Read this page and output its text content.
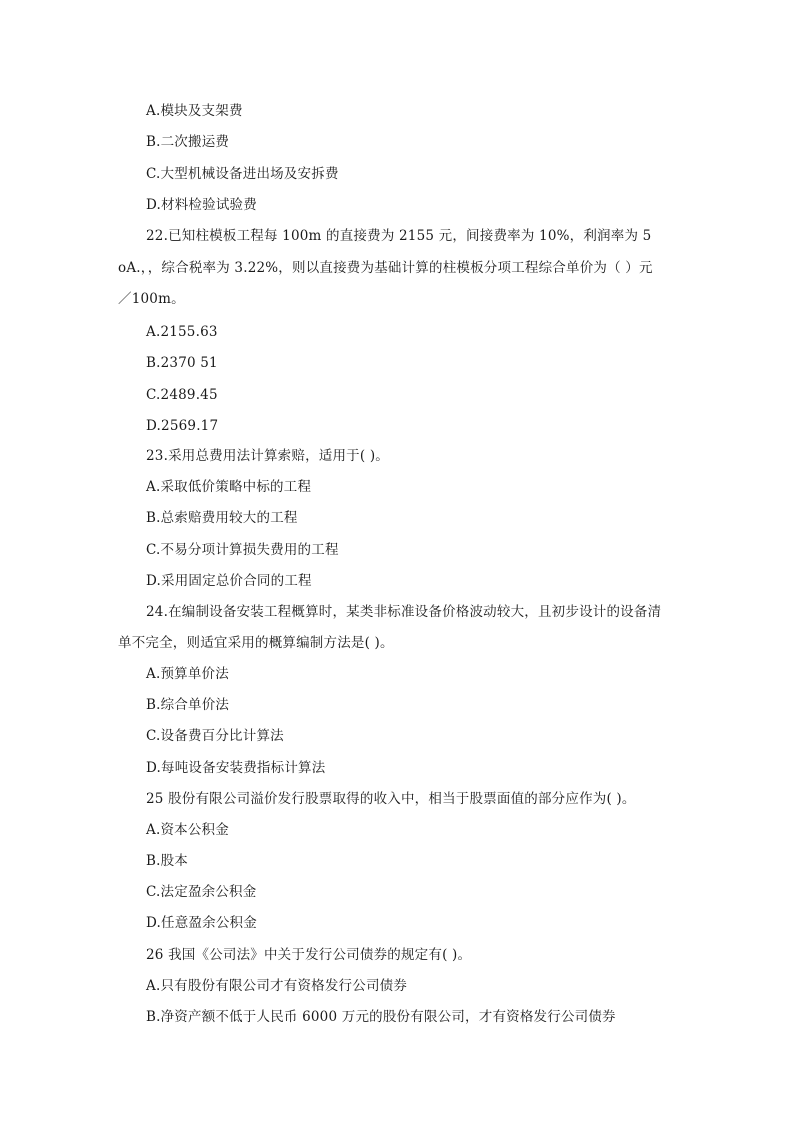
A.模块及支架费
B.二次搬运费
C.大型机械设备进出场及安拆费
D.材料检验试验费
22.已知柱模板工程每 100m 的直接费为 2155 元，间接费率为 10%，利润率为 5
oA.，，综合税率为 3.22%，则以直接费为基础计算的柱模板分项工程综合单价为（ ）元
／100m。
A.2155.63
B.2370 51
C.2489.45
D.2569.17
23.采用总费用法计算索赔，适用于( )。
A.采取低价策略中标的工程
B.总索赔费用较大的工程
C.不易分项计算损失费用的工程
D.采用固定总价合同的工程
24.在编制设备安装工程概算时，某类非标准设备价格波动较大，且初步设计的设备清
单不完全，则适宜采用的概算编制方法是( )。
A.预算单价法
B.综合单价法
C.设备费百分比计算法
D.每吨设备安装费指标计算法
25 股份有限公司溢价发行股票取得的收入中，相当于股票面值的部分应作为( )。
A.资本公积金
B.股本
C.法定盈余公积金
D.任意盈余公积金
26 我国《公司法》中关于发行公司债券的规定有( )。
A.只有股份有限公司才有资格发行公司债券
B.净资产额不低于人民币 6000 万元的股份有限公司，才有资格发行公司债券
